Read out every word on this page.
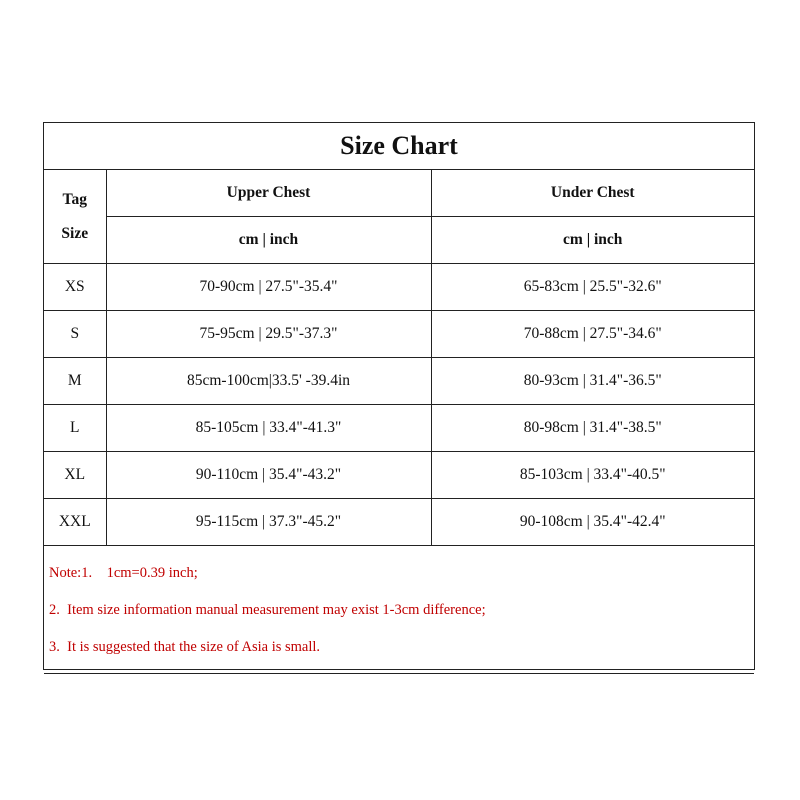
Size Chart		

Tag
Size	Upper Chest	Under Chest
	cm | inch	cm | inch
XS	70-90cm | 27.5"-35.4"	65-83cm | 25.5"-32.6"
S	75-95cm | 29.5"-37.3"	70-88cm | 27.5"-34.6"
M	85cm-100cm|33.5' -39.4in	80-93cm | 31.4"-36.5"
L	85-105cm | 33.4"-41.3"	80-98cm | 31.4"-38.5"
XL	90-110cm | 35.4"-43.2"	85-103cm | 33.4"-40.5"
XXL	95-115cm | 37.3"-45.2"	90-108cm | 35.4"-42.4"

Note:1.    1cm=0.39 inch;
2.  Item size information manual measurement may exist 1-3cm difference;
3.  It is suggested that the size of Asia is small.		
